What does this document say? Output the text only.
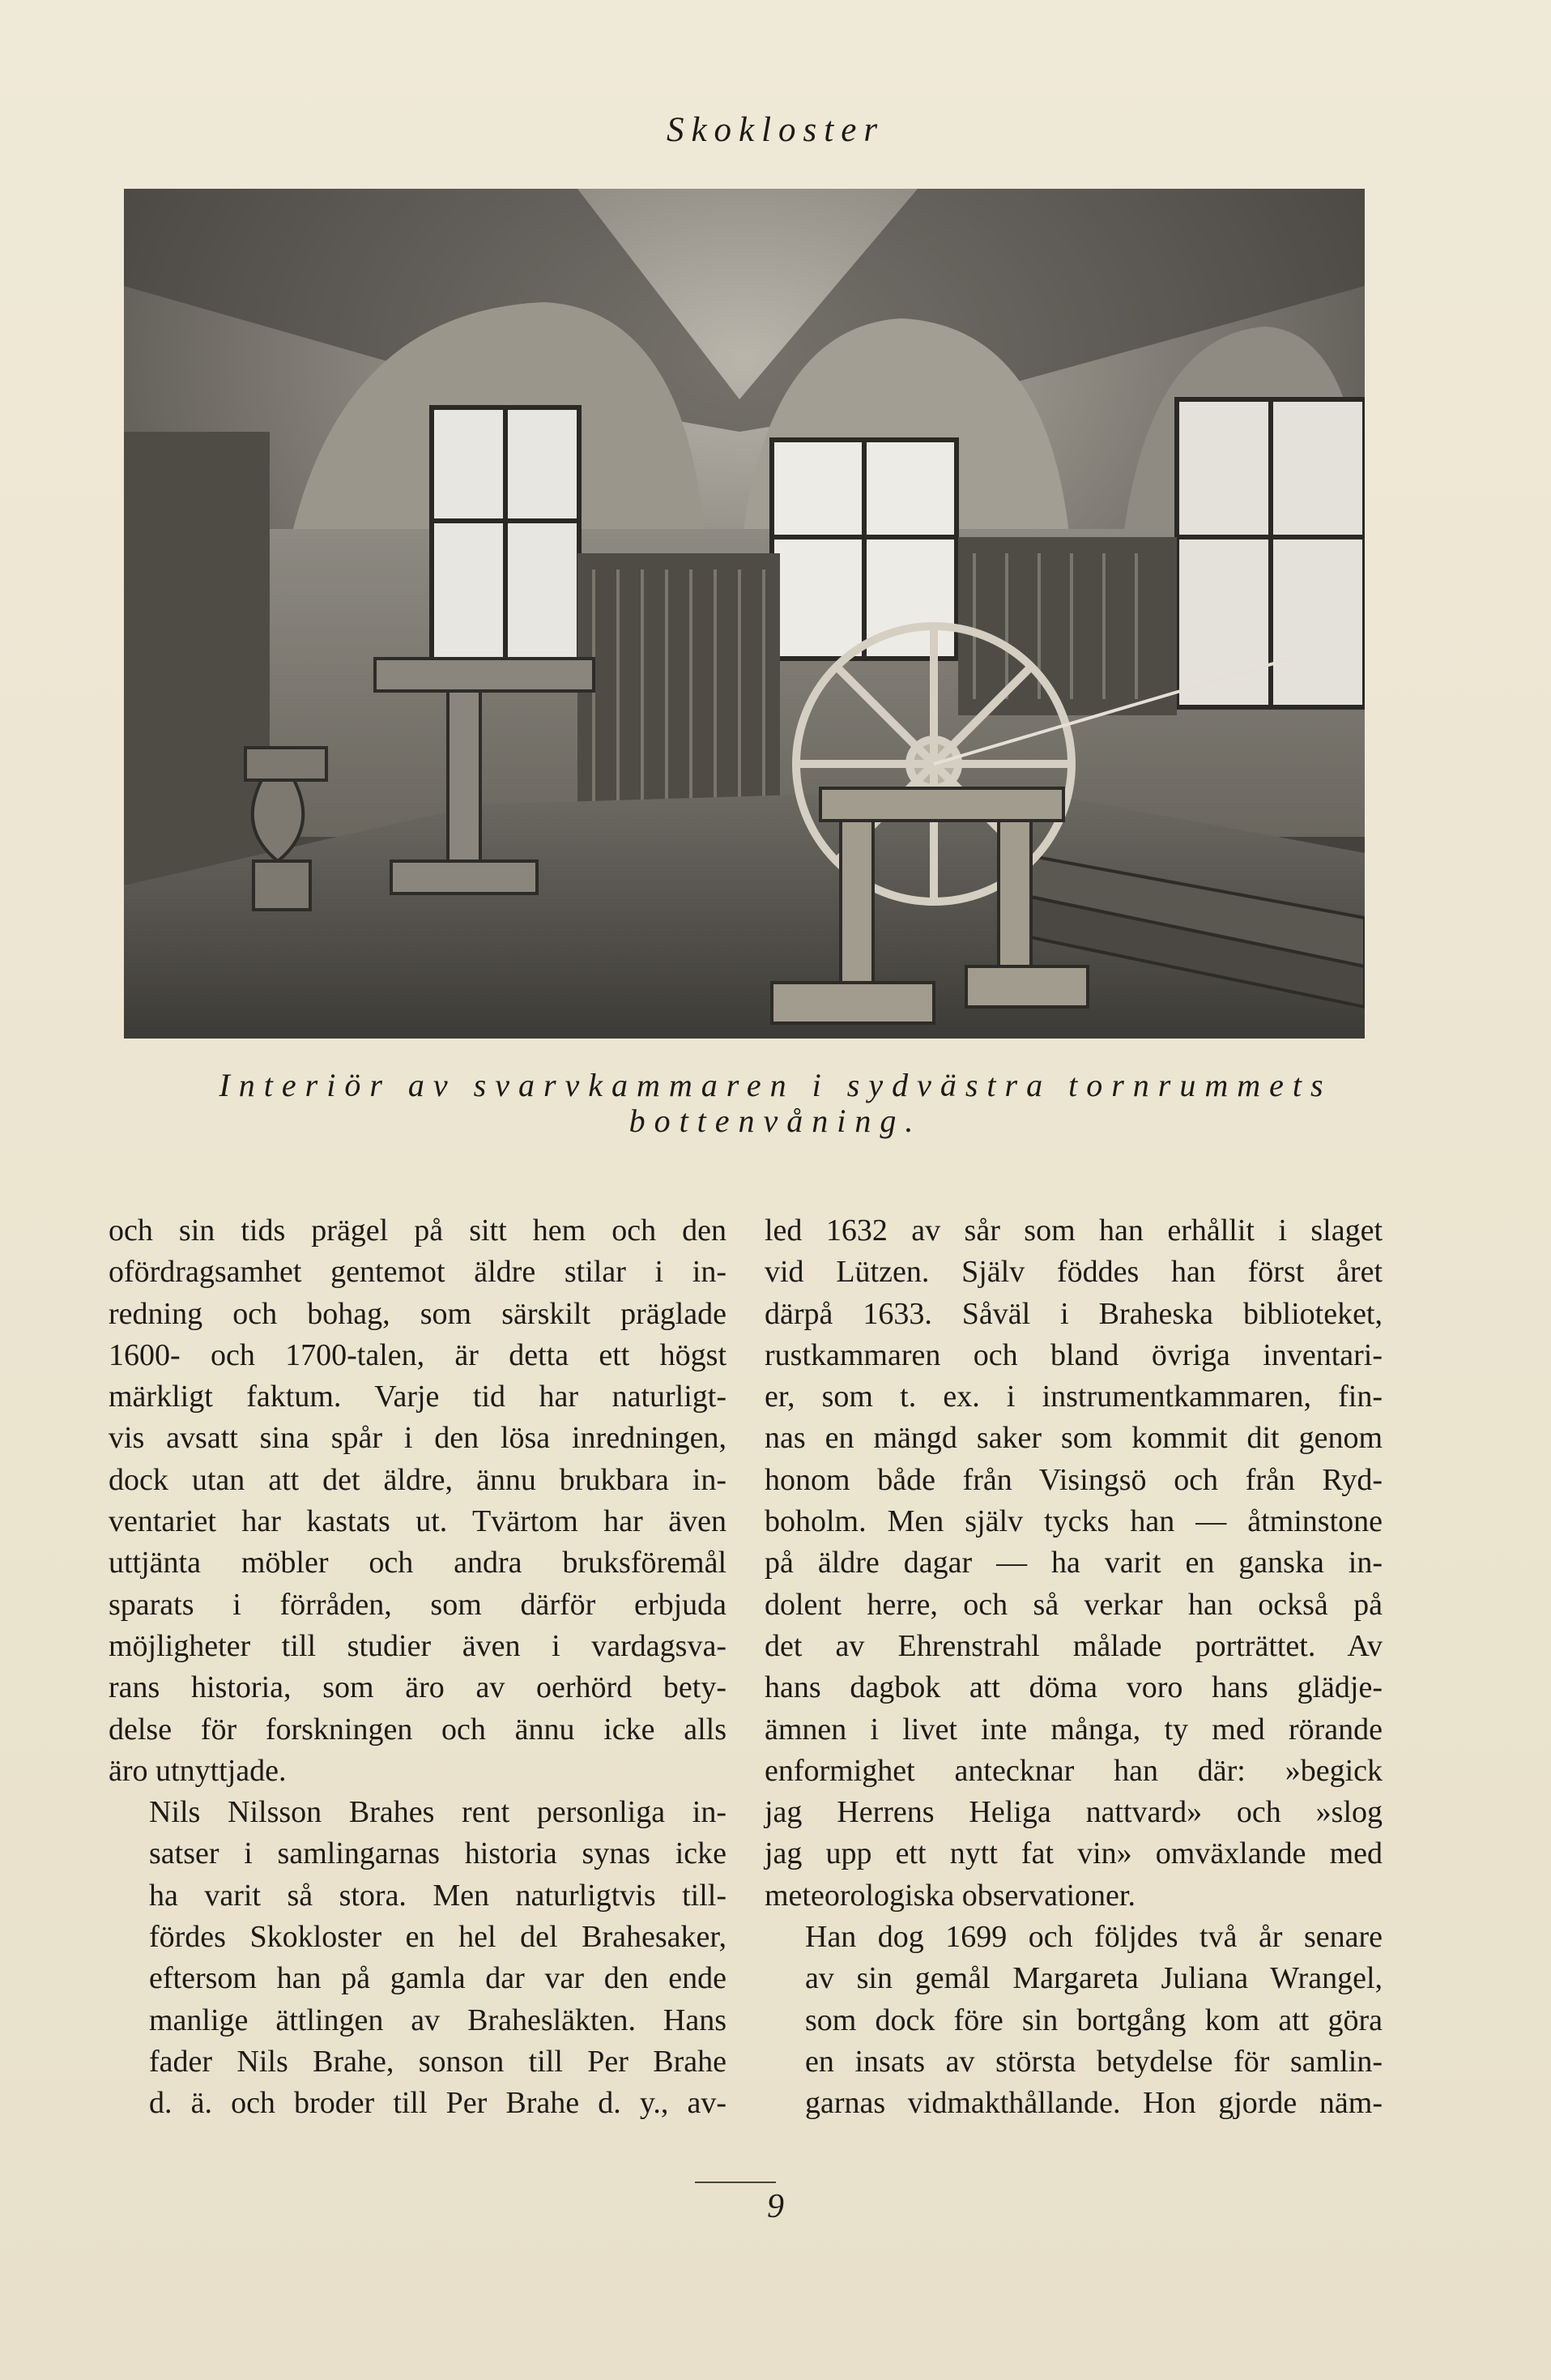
Skokloster
Interiör av svarvkammaren i sydvästra tornrummets
bottenvåning.

och sin tids prägel på sitt hem och den
ofördragsamhet gentemot äldre stilar i in-
redning och bohag, som särskilt präglade
1600- och 1700-talen, är detta ett högst
märkligt faktum. Varje tid har naturligt-
vis avsatt sina spår i den lösa inredningen,
dock utan att det äldre, ännu brukbara in-
ventariet har kastats ut. Tvärtom har även
uttjänta möbler och andra bruksföremål
sparats i förråden, som därför erbjuda
möjligheter till studier även i vardagsva-
rans historia, som äro av oerhörd bety-
delse för forskningen och ännu icke alls
äro utnyttjade.

Nils Nilsson Brahes rent personliga in-
satser i samlingarnas historia synas icke
ha varit så stora. Men naturligtvis till-
fördes Skokloster en hel del Brahesaker,
eftersom han på gamla dar var den ende
manlige ättlingen av Brahesläkten. Hans
fader Nils Brahe, sonson till Per Brahe
d. ä. och broder till Per Brahe d. y., av-

led 1632 av sår som han erhållit i slaget
vid Lützen. Själv föddes han först året
därpå 1633. Såväl i Braheska biblioteket,
rustkammaren och bland övriga inventari-
er, som t. ex. i instrumentkammaren, fin-
nas en mängd saker som kommit dit genom
honom både från Visingsö och från Ryd-
boholm. Men själv tycks han — åtminstone
på äldre dagar — ha varit en ganska in-
dolent herre, och så verkar han också på
det av Ehrenstrahl målade porträttet. Av
hans dagbok att döma voro hans glädje-
ämnen i livet inte många, ty med rörande
enformighet antecknar han där: »begick
jag Herrens Heliga nattvard» och »slog
jag upp ett nytt fat vin» omväxlande med
meteorologiska observationer.

Han dog 1699 och följdes två år senare
av sin gemål Margareta Juliana Wrangel,
som dock före sin bortgång kom att göra
en insats av största betydelse för samlin-
garnas vidmakthållande. Hon gjorde näm-

9
